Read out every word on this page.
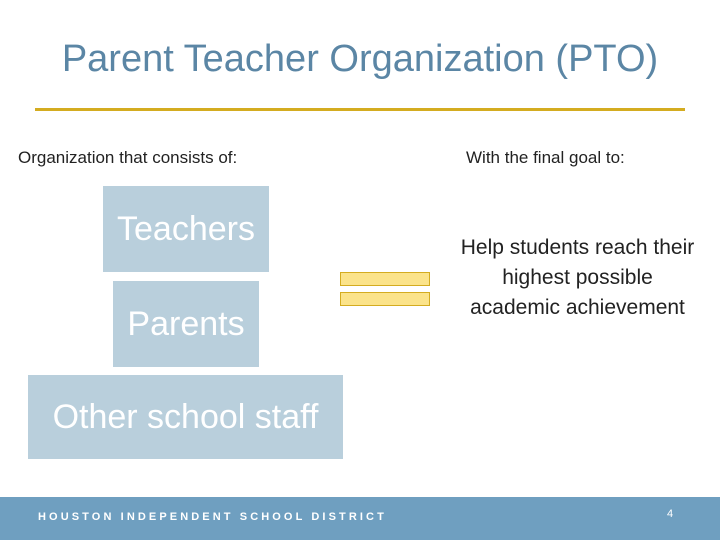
Parent Teacher Organization (PTO)
Organization that consists of:	With the final goal to:
Teachers
Parents
Other school staff
Help students reach their highest possible academic achievement
HOUSTON INDEPENDENT SCHOOL DISTRICT	4
